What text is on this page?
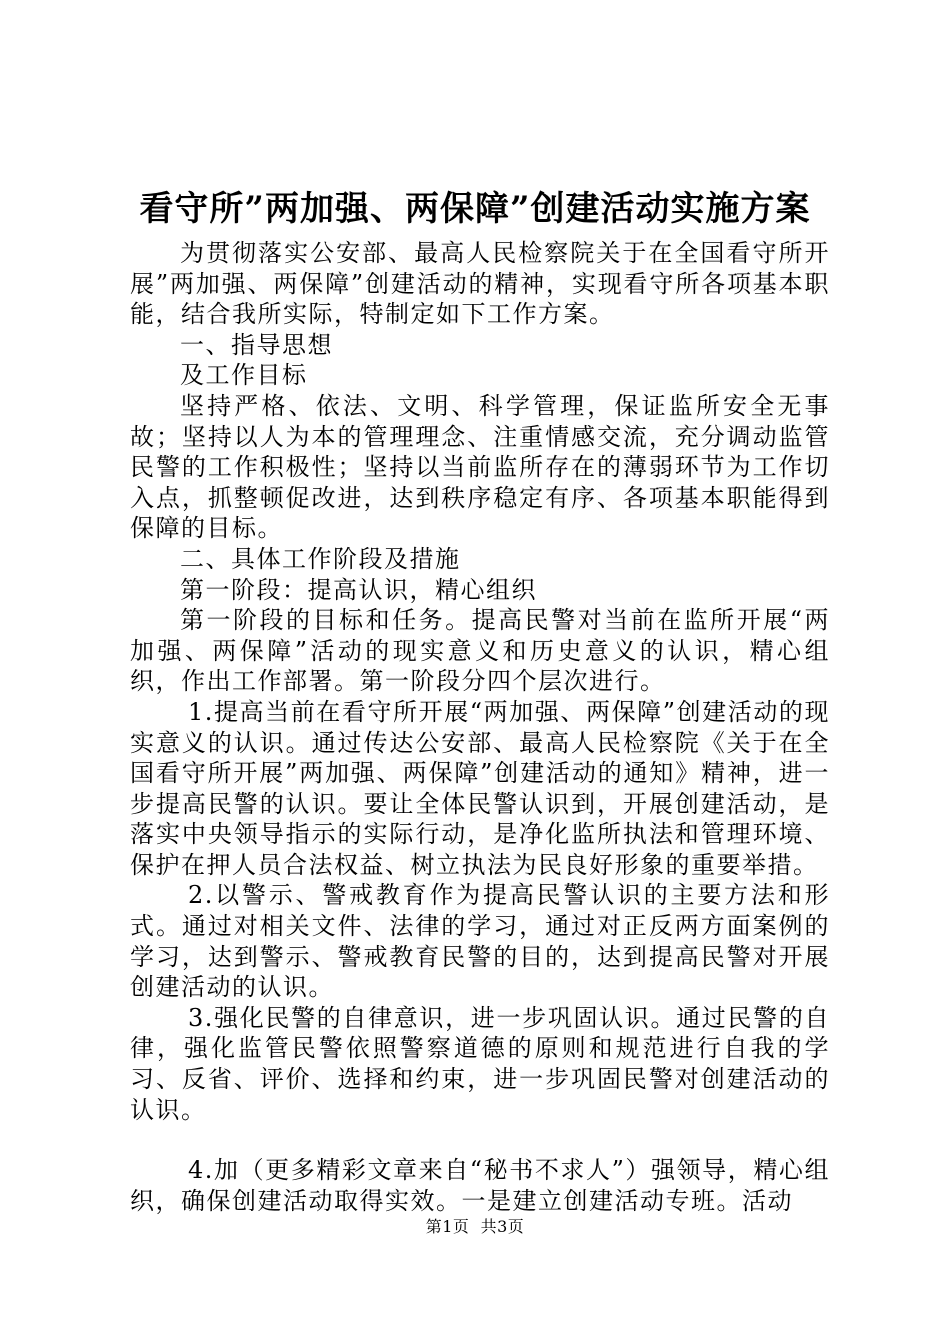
看守所”两加强、两保障”创建活动实施方案

为贯彻落实公安部、最高人民检察院关于在全国看守所开展”两加强、两保障”创建活动的精神，实现看守所各项基本职能，结合我所实际，特制定如下工作方案。

一、指导思想

及工作目标

坚持严格、依法、文明、科学管理，保证监所安全无事故；坚持以人为本的管理理念、注重情感交流，充分调动监管民警的工作积极性；坚持以当前监所存在的薄弱环节为工作切入点，抓整顿促改进，达到秩序稳定有序、各项基本职能得到保障的目标。

二、具体工作阶段及措施

第一阶段：提高认识，精心组织

第一阶段的目标和任务。提高民警对当前在监所开展“两加强、两保障”活动的现实意义和历史意义的认识，精心组织，作出工作部署。第一阶段分四个层次进行。

1.提高当前在看守所开展“两加强、两保障”创建活动的现实意义的认识。通过传达公安部、最高人民检察院《关于在全国看守所开展”两加强、两保障”创建活动的通知》精神，进一步提高民警的认识。要让全体民警认识到，开展创建活动，是落实中央领导指示的实际行动，是净化监所执法和管理环境、保护在押人员合法权益、树立执法为民良好形象的重要举措。

2.以警示、警戒教育作为提高民警认识的主要方法和形式。通过对相关文件、法律的学习，通过对正反两方面案例的学习，达到警示、警戒教育民警的目的，达到提高民警对开展创建活动的认识。

3.强化民警的自律意识，进一步巩固认识。通过民警的自律，强化监管民警依照警察道德的原则和规范进行自我的学习、反省、评价、选择和约束，进一步巩固民警对创建活动的认识。

4.加（更多精彩文章来自“秘书不求人”）强领导，精心组织，确保创建活动取得实效。一是建立创建活动专班。活动

第1页 共3页
